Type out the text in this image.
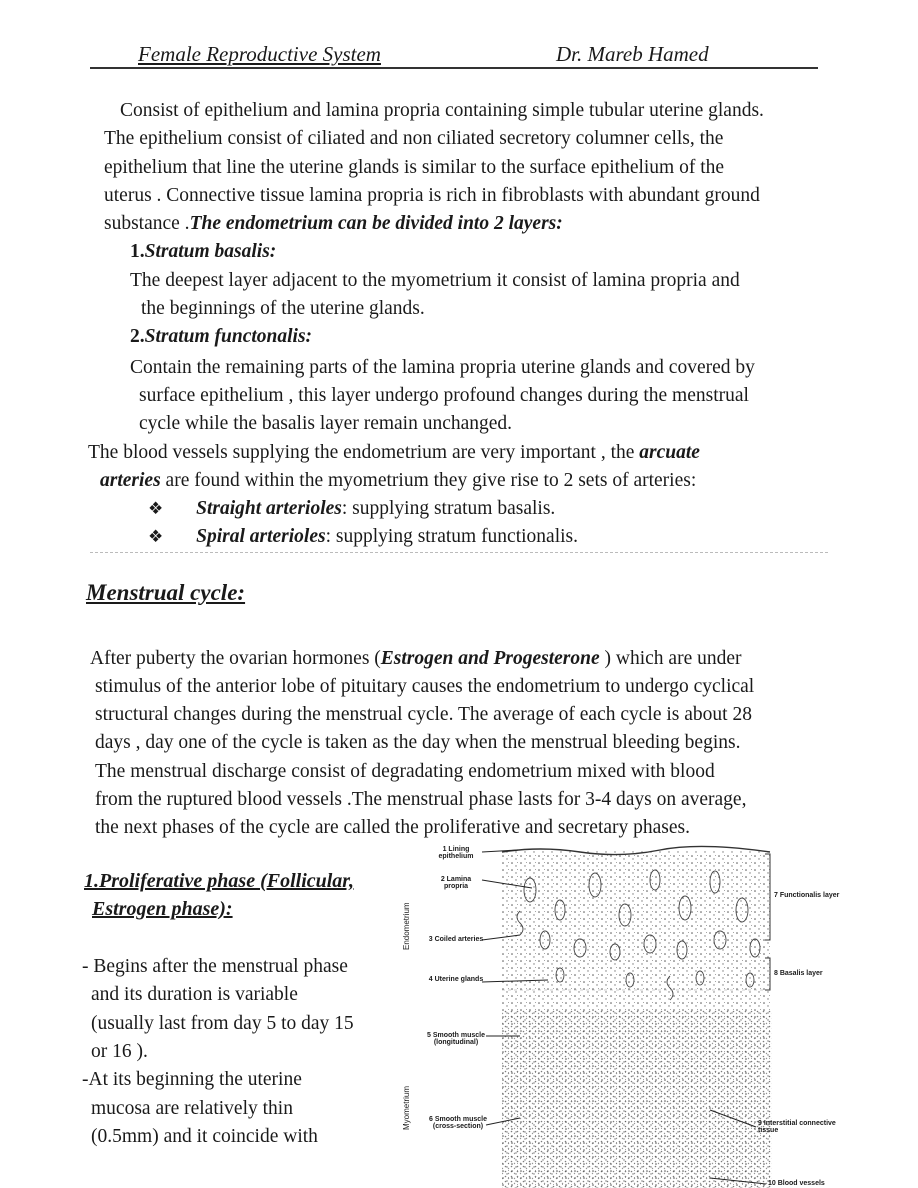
Female Reproductive System	Dr. Mareb Hamed
Consist of epithelium and lamina propria containing simple tubular uterine glands.
The epithelium consist of ciliated and non ciliated secretory columner cells, the
epithelium that line the uterine glands is similar to the surface epithelium of the
uterus . Connective tissue lamina propria is rich in fibroblasts with abundant ground
substance .The endometrium can be divided into 2 layers:
1.Stratum basalis:
The deepest layer adjacent to the myometrium it consist of lamina propria and
the beginnings of the uterine glands.
2.Stratum functonalis:
Contain the remaining parts of the lamina propria uterine glands and covered by
surface epithelium , this layer undergo profound changes during the menstrual
cycle while the basalis layer remain unchanged.
The blood vessels supplying the endometrium are very important , the arcuate
arteries are found within the myometrium they give rise to 2 sets of arteries:
❖ Straight arterioles: supplying stratum basalis.
❖ Spiral arterioles: supplying stratum functionalis.
Menstrual cycle:
After puberty the ovarian hormones (Estrogen and Progesterone ) which are under
stimulus of the anterior lobe of pituitary causes the endometrium to undergo cyclical
structural changes during the menstrual cycle. The average of each cycle is about 28
days , day one of the cycle is taken as the day when the menstrual bleeding begins.
The menstrual discharge consist of degradating endometrium mixed with blood
from the ruptured blood vessels .The menstrual phase lasts for 3-4 days on average,
the next phases of the cycle are called the proliferative and secretary phases.
1.Proliferative phase (Follicular,
Estrogen phase):
- Begins after the menstrual phase
and its duration is variable
(usually last from day 5 to day 15
or 16 ).
-At its beginning the uterine
mucosa are relatively thin
(0.5mm) and it coincide with
Endometrium
Myometrium
1 Lining epithelium
2 Lamina propria
3 Coiled arteries
4 Uterine glands
5 Smooth muscle (longitudinal)
6 Smooth muscle (cross-section)
7 Functionalis layer
8 Basalis layer
9 Interstitial connective tissue
10 Blood vessels
